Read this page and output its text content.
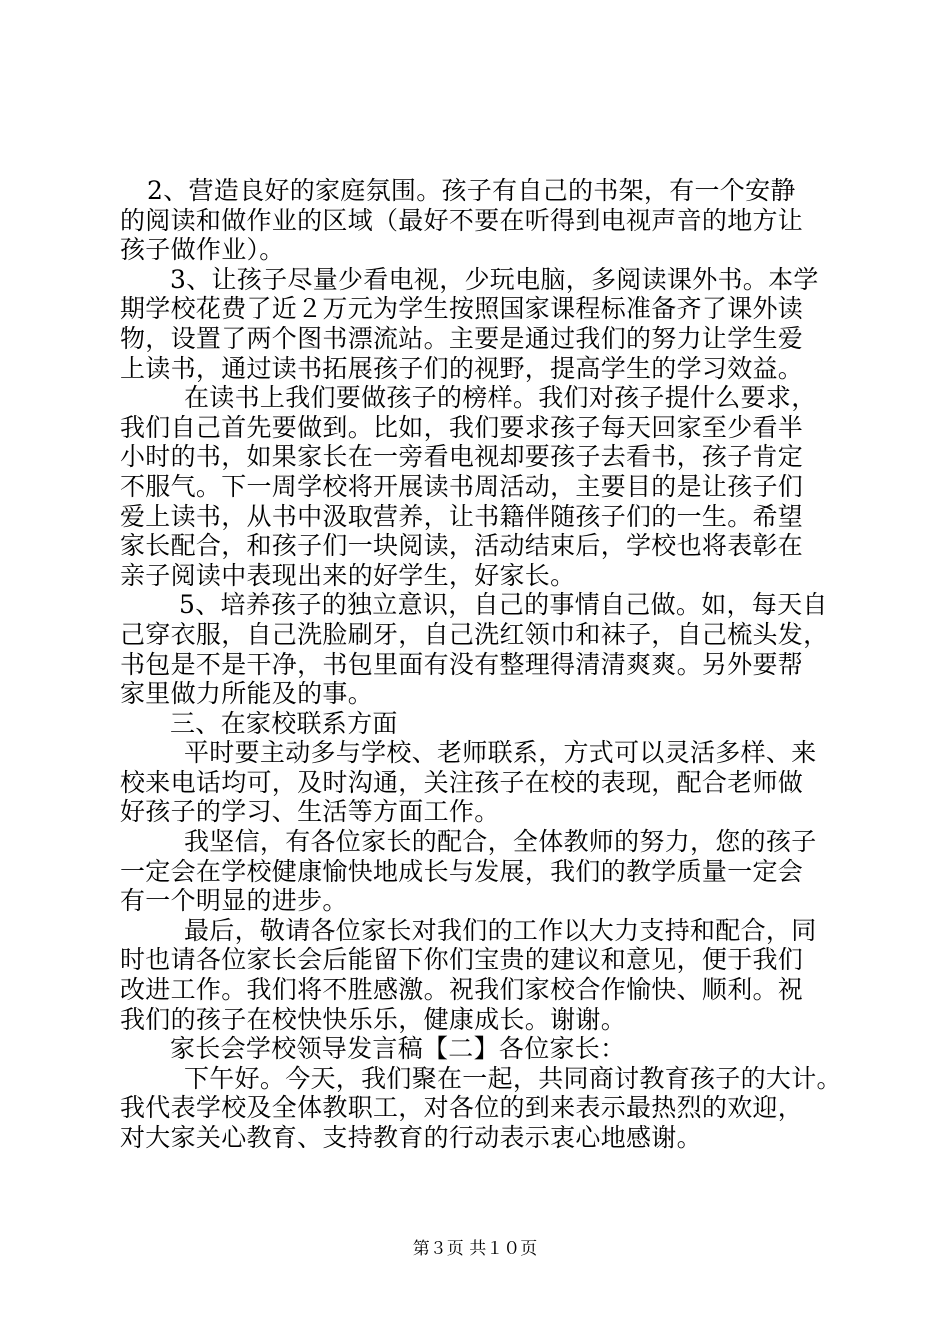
2、营造良好的家庭氛围。孩子有自己的书架，有一个安静
的阅读和做作业的区域（最好不要在听得到电视声音的地方让
孩子做作业）。
3、让孩子尽量少看电视，少玩电脑，多阅读课外书。本学
期学校花费了近２万元为学生按照国家课程标准备齐了课外读
物，设置了两个图书漂流站。主要是通过我们的努力让学生爱
上读书，通过读书拓展孩子们的视野，提高学生的学习效益。
在读书上我们要做孩子的榜样。我们对孩子提什么要求，
我们自己首先要做到。比如，我们要求孩子每天回家至少看半
小时的书，如果家长在一旁看电视却要孩子去看书，孩子肯定
不服气。下一周学校将开展读书周活动，主要目的是让孩子们
爱上读书，从书中汲取营养，让书籍伴随孩子们的一生。希望
家长配合，和孩子们一块阅读，活动结束后，学校也将表彰在
亲子阅读中表现出来的好学生，好家长。
5、培养孩子的独立意识，自己的事情自己做。如，每天自
己穿衣服，自己洗脸刷牙，自己洗红领巾和袜子，自己梳头发，
书包是不是干净，书包里面有没有整理得清清爽爽。另外要帮
家里做力所能及的事。
三、在家校联系方面
平时要主动多与学校、老师联系，方式可以灵活多样、来
校来电话均可，及时沟通，关注孩子在校的表现，配合老师做
好孩子的学习、生活等方面工作。
我坚信，有各位家长的配合，全体教师的努力，您的孩子
一定会在学校健康愉快地成长与发展，我们的教学质量一定会
有一个明显的进步。
最后，敬请各位家长对我们的工作以大力支持和配合，同
时也请各位家长会后能留下你们宝贵的建议和意见，便于我们
改进工作。我们将不胜感激。祝我们家校合作愉快、顺利。祝
我们的孩子在校快快乐乐，健康成长。谢谢。
家长会学校领导发言稿【二】各位家长：
下午好。今天，我们聚在一起，共同商讨教育孩子的大计。
我代表学校及全体教职工，对各位的到来表示最热烈的欢迎，
对大家关心教育、支持教育的行动表示衷心地感谢。
第３页 共１０页
